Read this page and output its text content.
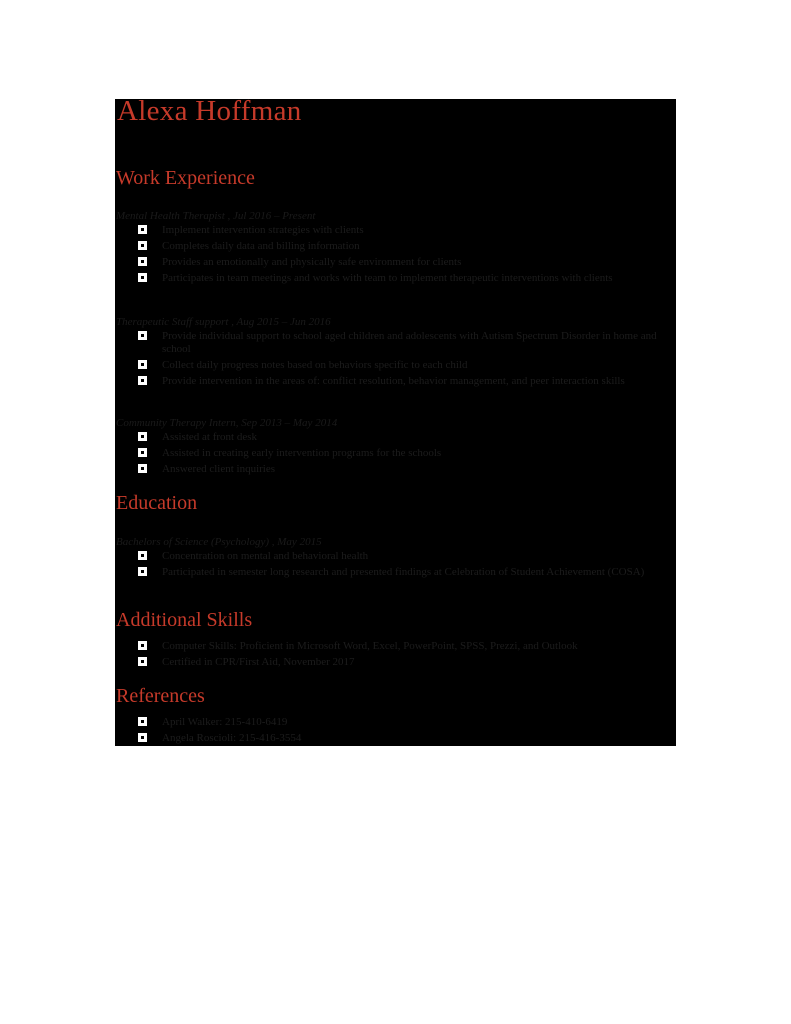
Alexa Hoffman
Work Experience
Mental Health Therapist , Jul 2016 – Present
Implement intervention strategies with clients
Completes daily data and billing information
Provides an emotionally and physically safe environment for clients
Participates in team meetings and works with team to implement therapeutic interventions with clients
Therapeutic Staff support , Aug 2015 – Jun 2016
Provide individual support to school aged children and adolescents with Autism Spectrum Disorder in home and school
Collect daily progress notes based on behaviors specific to each child
Provide intervention in the areas of: conflict resolution, behavior management, and peer interaction skills
Community Therapy Intern, Sep 2013 – May 2014
Assisted at front desk
Assisted in creating early intervention programs for the schools
Answered client inquiries
Education
Bachelors of Science (Psychology) , May 2015
Concentration on mental and behavioral health
Participated in semester long research and presented findings at Celebration of Student Achievement (COSA)
Additional Skills
Computer Skills: Proficient in Microsoft Word, Excel, PowerPoint, SPSS, Prezzi, and Outlook
Certified in CPR/First Aid, November 2017
References
April Walker: 215-410-6419
Angela Roscioli: 215-416-3554
